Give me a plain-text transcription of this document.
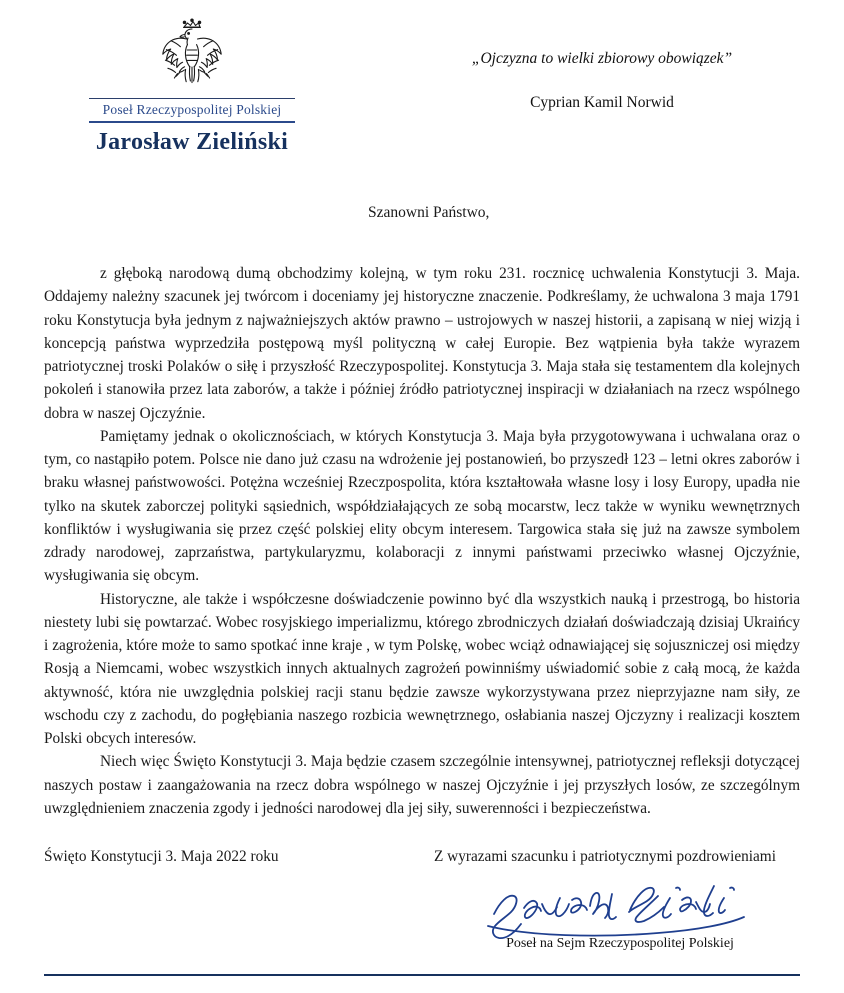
Poseł Rzeczypospolitej Polskiej
Jarosław Zieliński
„Ojczyzna to wielki zbiorowy obowiązek”
Cyprian Kamil Norwid
Szanowni Państwo,

z głęboką narodową dumą obchodzimy kolejną, w tym roku 231. rocznicę uchwalenia Konstytucji 3. Maja. Oddajemy należny szacunek jej twórcom i doceniamy jej historyczne znaczenie. Podkreślamy, że uchwalona 3 maja 1791 roku Konstytucja była jednym z najważniejszych aktów prawno – ustrojowych w naszej historii, a zapisaną w niej wizją i koncepcją państwa wyprzedziła postępową myśl polityczną w całej Europie. Bez wątpienia była także wyrazem patriotycznej troski Polaków o siłę i przyszłość Rzeczypospolitej. Konstytucja 3. Maja stała się testamentem dla kolejnych pokoleń i stanowiła przez lata zaborów, a także i później źródło patriotycznej inspiracji w działaniach na rzecz wspólnego dobra w naszej Ojczyźnie.

Pamiętamy jednak o okolicznościach, w których Konstytucja 3. Maja była przygotowywana i uchwalana oraz o tym, co nastąpiło potem. Polsce nie dano już czasu na wdrożenie jej postanowień, bo przyszedł 123 – letni okres zaborów i braku własnej państwowości. Potężna wcześniej Rzeczpospolita, która kształtowała własne losy i losy Europy, upadła nie tylko na skutek zaborczej polityki sąsiednich, współdziałających ze sobą mocarstw, lecz także w wyniku wewnętrznych konfliktów i wysługiwania się przez część polskiej elity obcym interesem. Targowica stała się już na zawsze symbolem zdrady narodowej, zaprzaństwa, partykularyzmu, kolaboracji z innymi państwami przeciwko własnej Ojczyźnie, wysługiwania się obcym.

Historyczne, ale także i współczesne doświadczenie powinno być dla wszystkich nauką i przestrogą, bo historia niestety lubi się powtarzać. Wobec rosyjskiego imperializmu, którego zbrodniczych działań doświadczają dzisiaj Ukraińcy i zagrożenia, które może to samo spotkać inne kraje , w tym Polskę, wobec wciąż odnawiającej się sojuszniczej osi między Rosją a Niemcami, wobec wszystkich innych aktualnych zagrożeń powinniśmy uświadomić sobie z całą mocą, że każda aktywność, która nie uwzględnia polskiej racji stanu będzie zawsze wykorzystywana przez nieprzyjazne nam siły, ze wschodu czy z zachodu, do pogłębiania naszego rozbicia wewnętrznego, osłabiania naszej Ojczyzny i realizacji kosztem Polski obcych interesów.

Niech więc Święto Konstytucji 3. Maja będzie czasem szczególnie intensywnej, patriotycznej refleksji dotyczącej naszych postaw i zaangażowania na rzecz dobra wspólnego w naszej Ojczyźnie i jej przyszłych losów, ze szczególnym uwzględnieniem znaczenia zgody i jedności narodowej dla jej siły, suwerenności i bezpieczeństwa.

Święto Konstytucji 3. Maja 2022 roku	Z wyrazami szacunku i patriotycznymi pozdrowieniami
Poseł na Sejm Rzeczypospolitej Polskiej
